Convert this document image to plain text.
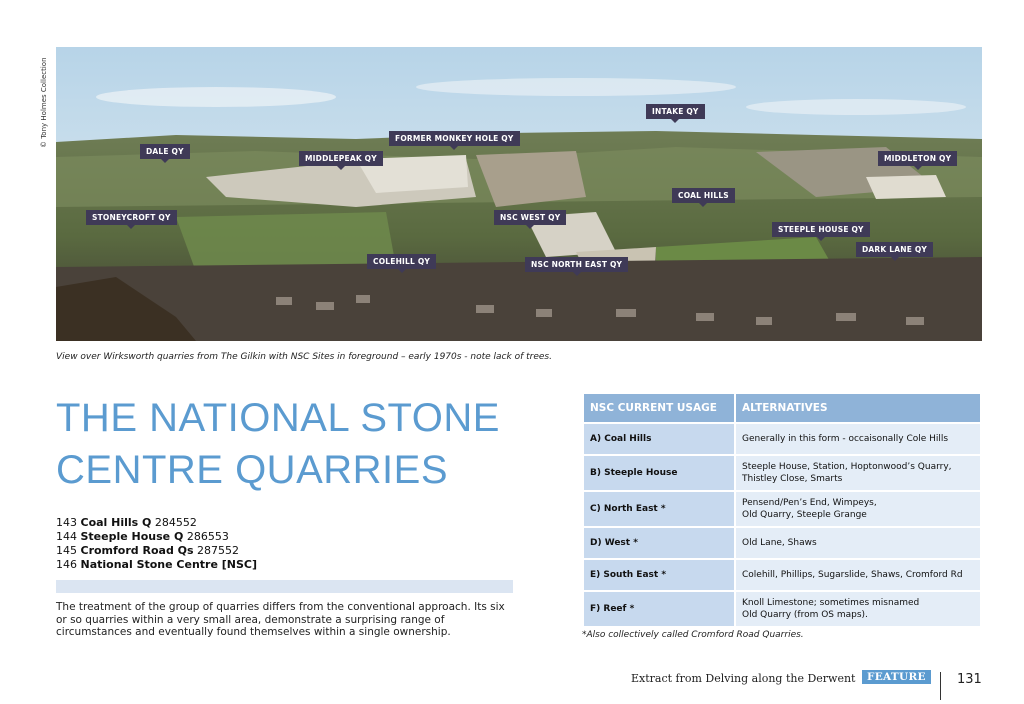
© Tony Holmes Collection
DALE QY
FORMER MONKEY HOLE QY
INTAKE QY
MIDDLEPEAK QY	MIDDLETON QY
COAL HILLS
STONEYCROFT QY	NSC WEST QY
STEEPLE HOUSE QY
DARK LANE QY
COLEHILL QY	NSC NORTH EAST QY
View over Wirksworth quarries from The Gilkin with NSC Sites in foreground – early 1970s - note lack of trees.
THE NATIONAL STONE
CENTRE QUARRIES
143 Coal Hills Q 284552
144 Steeple House Q 286553
145 Cromford Road Qs 287552
146 National Stone Centre [NSC]
The treatment of the group of quarries differs from the conventional approach. Its six or so quarries within a very small area, demonstrate a surprising range of circumstances and eventually found themselves within a single ownership.
NSC CURRENT USAGE	ALTERNATIVES
A) Coal Hills	Generally in this form - occaisonally Cole Hills

B) Steeple House	Steeple House, Station, Hoptonwood’s Quarry,
Thistley Close, Smarts

C) North East *	Pensend/Pen’s End, Wimpeys,
Old Quarry, Steeple Grange

D) West *	Old Lane, Shaws

E) South East *	Colehill, Phillips, Sugarslide, Shaws, Cromford Rd

F) Reef *	Knoll Limestone; sometimes misnamed
Old Quarry (from OS maps).
*Also collectively called Cromford Road Quarries.
Extract from Delving along the Derwent	FEATURE	131
